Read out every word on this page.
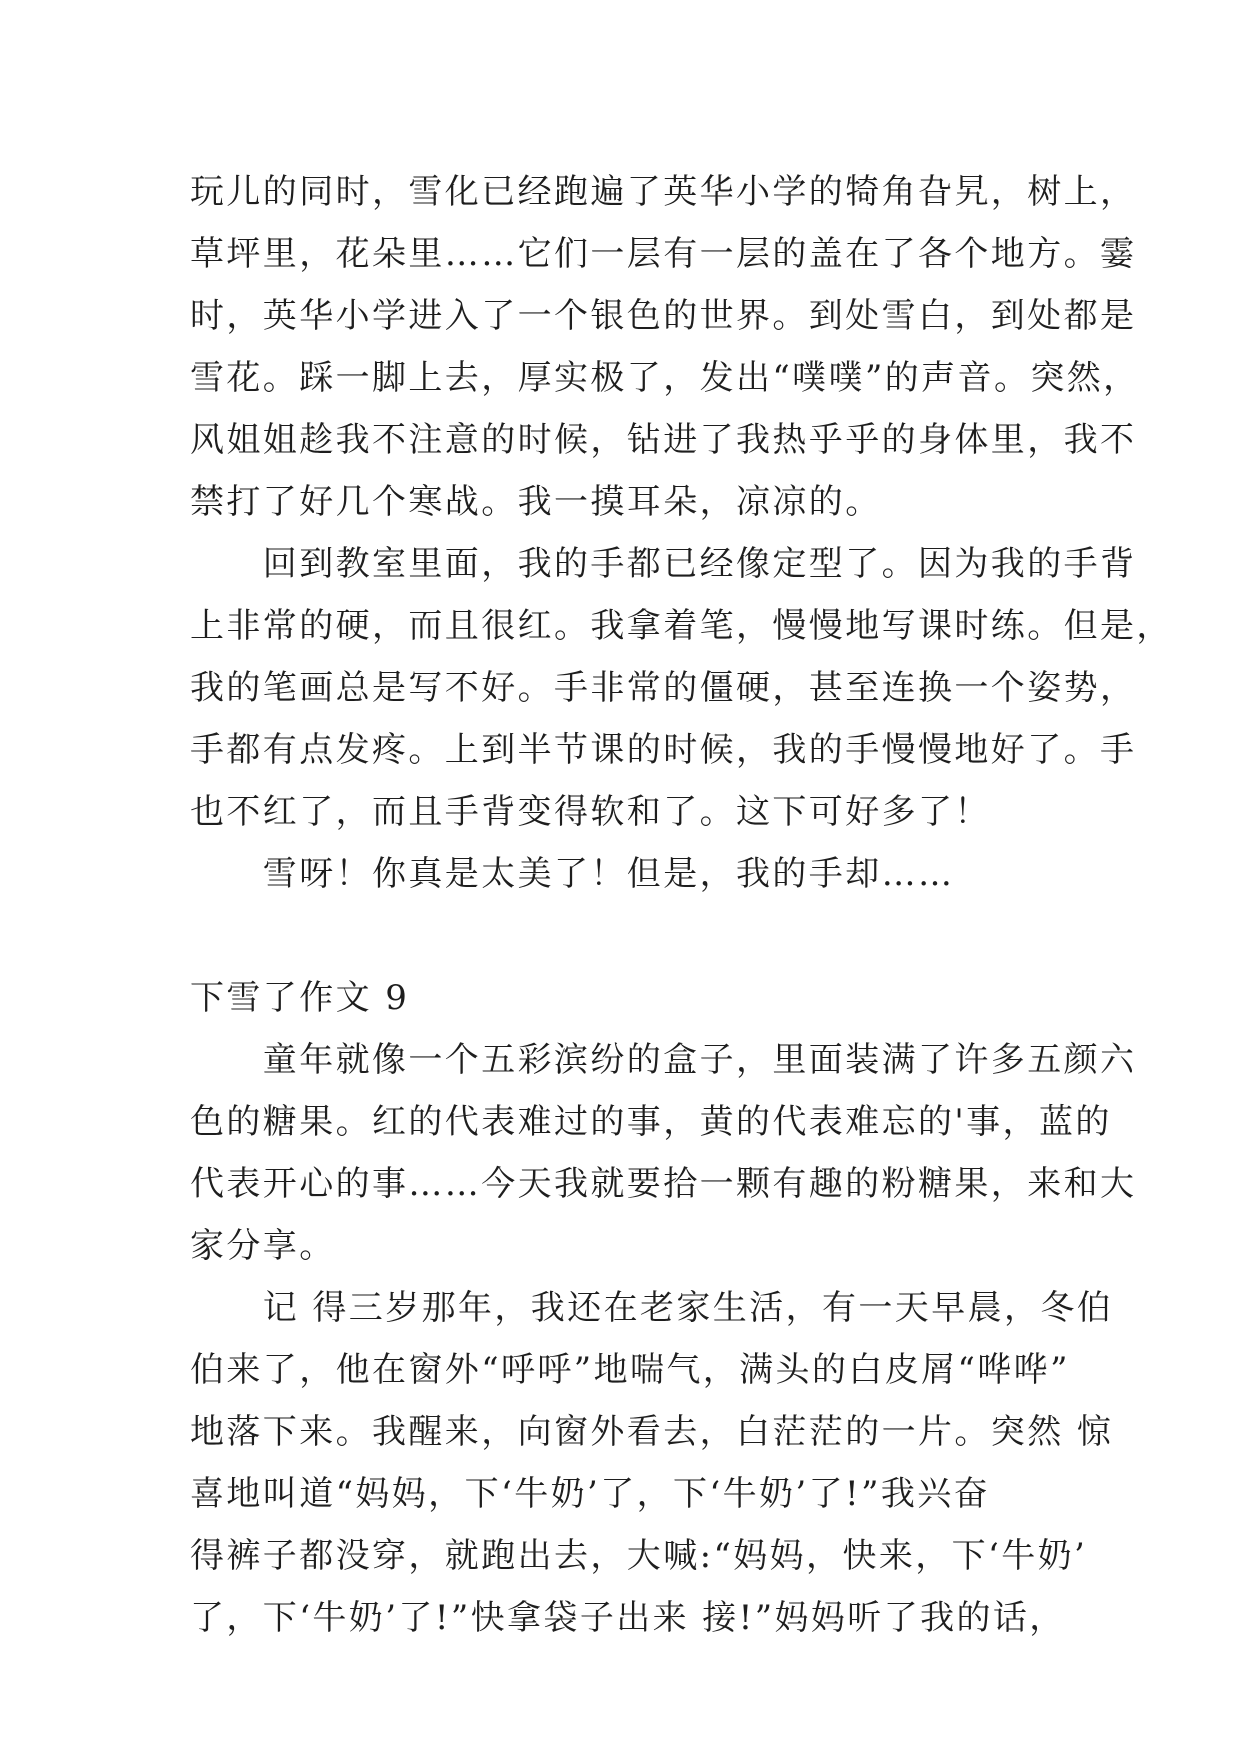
玩儿的同时，雪化已经跑遍了英华小学的犄角旮旯，树上，
草坪里，花朵里……它们一层有一层的盖在了各个地方。霎
时，英华小学进入了一个银色的世界。到处雪白，到处都是
雪花。踩一脚上去，厚实极了，发出“噗噗”的声音。突然，
风姐姐趁我不注意的时候，钻进了我热乎乎的身体里，我不
禁打了好几个寒战。我一摸耳朵，凉凉的。
　　回到教室里面，我的手都已经像定型了。因为我的手背
上非常的硬，而且很红。我拿着笔，慢慢地写课时练。但是，
我的笔画总是写不好。手非常的僵硬，甚至连换一个姿势，
手都有点发疼。上到半节课的时候，我的手慢慢地好了。手
也不红了，而且手背变得软和了。这下可好多了！
　　雪呀！你真是太美了！但是，我的手却……
下雪了作文 9
　　童年就像一个五彩滨纷的盒子，里面装满了许多五颜六
色的糖果。红的代表难过的事，黄的代表难忘的'事，蓝的
代表开心的事……今天我就要拾一颗有趣的粉糖果，来和大
家分享。
　　记 得三岁那年，我还在老家生活，有一天早晨，冬伯
伯来了，他在窗外“呼呼”地喘气，满头的白皮屑“哗哗”
地落下来。我醒来，向窗外看去，白茫茫的一片。突然 惊
喜地叫道“妈妈，下‘牛奶’了，下‘牛奶’了!”我兴奋
得裤子都没穿，就跑出去，大喊:“妈妈，快来，下‘牛奶’
了，下‘牛奶’了!”快拿袋子出来 接!”妈妈听了我的话，
